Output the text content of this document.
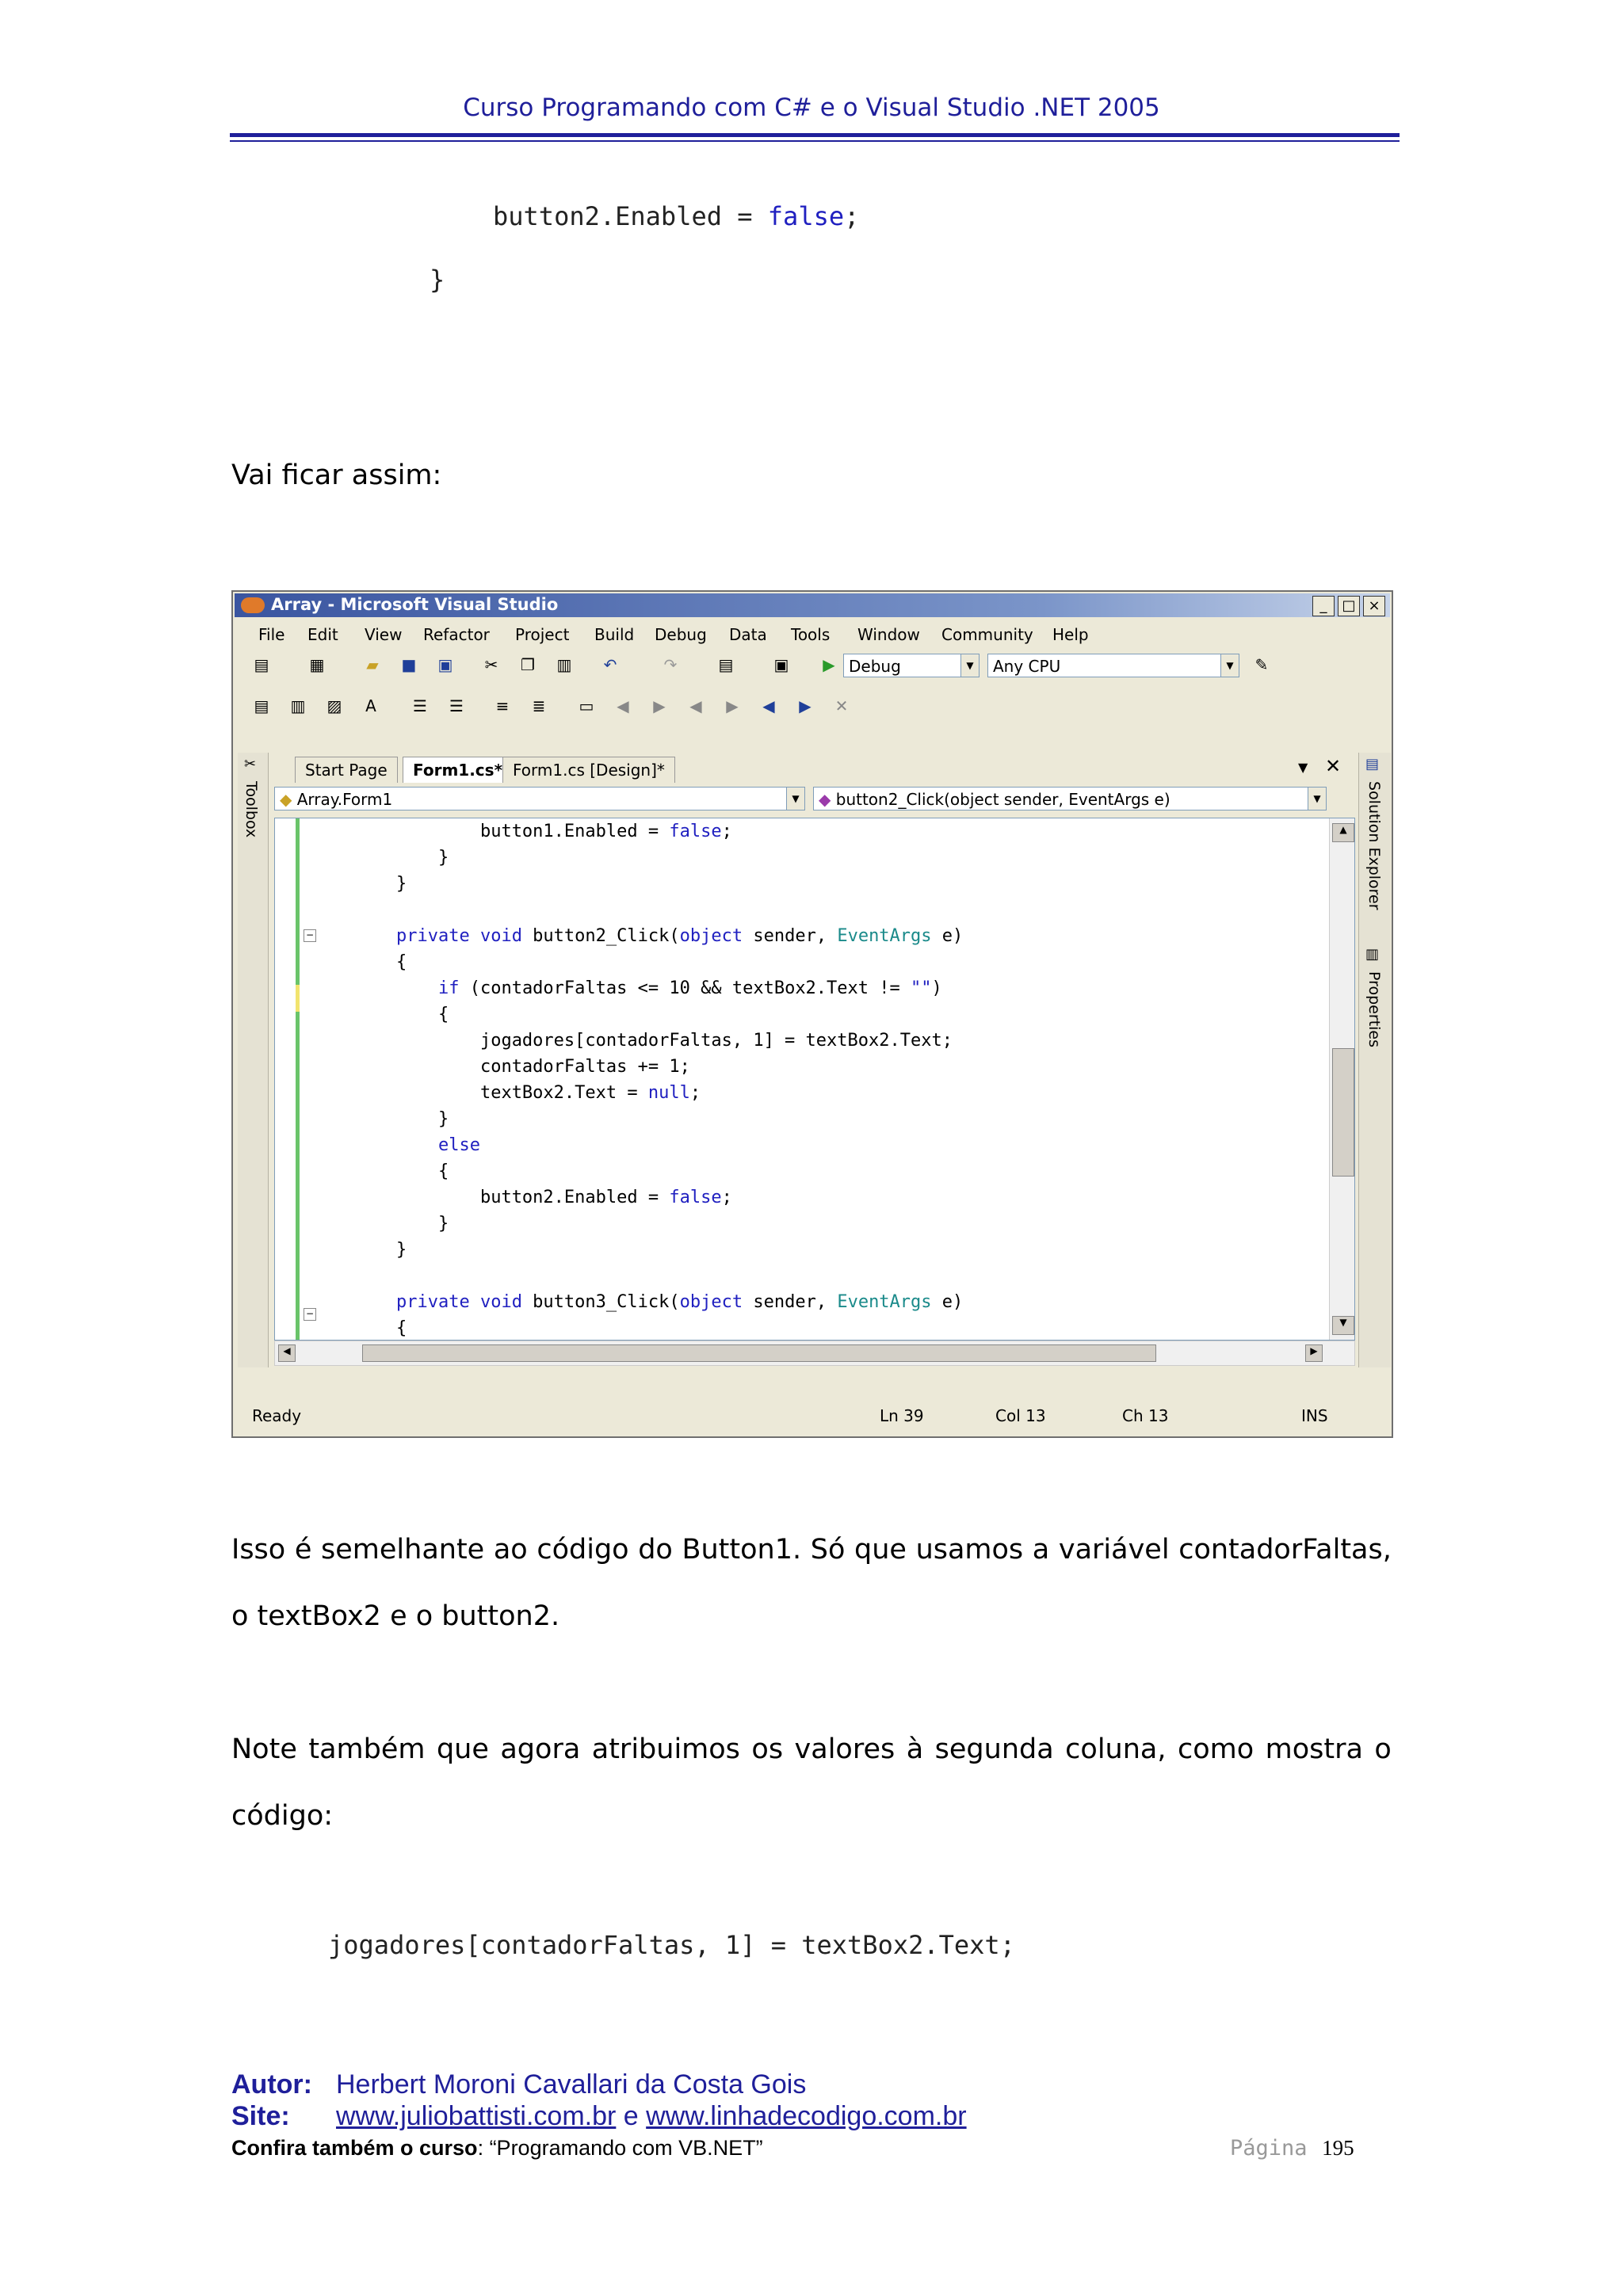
Curso Programando com C# e o Visual Studio .NET 2005
button2.Enabled = false;
}
Vai ficar assim:
Array - Microsoft Visual Studio	_	□ ×
File Edit View Refactor Project Build Debug Data Tools Window Community Help
▤	▦	▰ ■ ▣ ✂ ❐ ▥ ↶	↷	▤	▣ ▶ Debug	▼	Any CPU	▼	✎
▤ ▥ ▨ A ☰ ☰ ≡ ≣ ▭ ◀ ▶ ◀ ▶ ◀ ▶ ✕
✂
Toolbox
▤
Solution Explorer
▥
Properties
Start Page	Form1.cs* Form1.cs [Design]*	▼ ✕
◆ Array.Form1	▼	◆ button2_Click(object sender, EventArgs e)	▼
−
−
button1.Enabled = false;
}
}
private void button2_Click(object sender, EventArgs e)
{
if (contadorFaltas <= 10 && textBox2.Text != "")
{
jogadores[contadorFaltas, 1] = textBox2.Text;
contadorFaltas += 1;
textBox2.Text = null;
}
else
{
button2.Enabled = false;
}
}
private void button3_Click(object sender, EventArgs e)
{
▲
▼
◀	▶
Ready	Ln 39	Col 13	Ch 13	INS
Isso é semelhante ao código do Button1. Só que usamos a variável contadorFaltas,
o textBox2 e o button2.
Note também que agora atribuimos os valores à segunda coluna, como mostra o
código:
jogadores[contadorFaltas, 1] = textBox2.Text;
Autor: Herbert Moroni Cavallari da Costa Gois
Site: www.juliobattisti.com.br e www.linhadecodigo.com.br
Confira também o curso: “Programando com VB.NET”	Página 195
